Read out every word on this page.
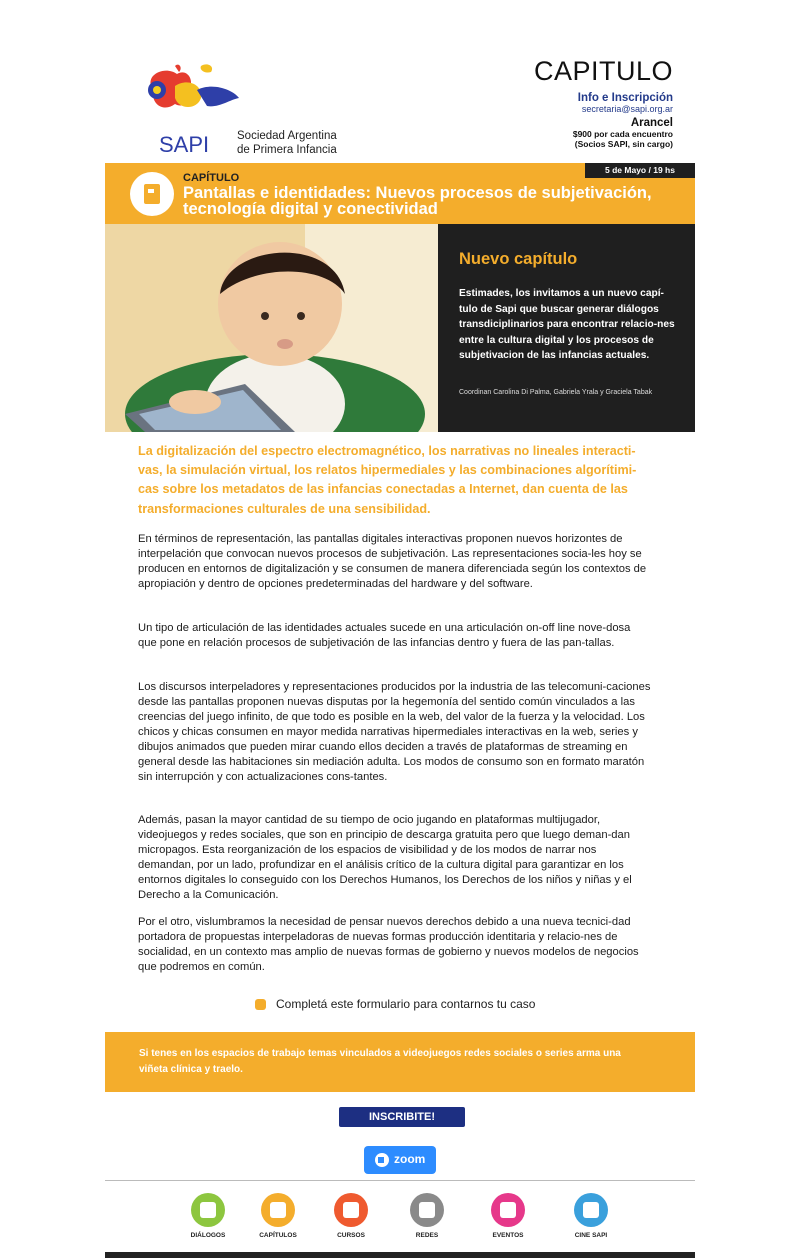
SAPI Sociedad Argentina
de Primera Infancia
CAPITULO
Info e Inscripción
secretaria@sapi.org.ar
Arancel
$900 por cada encuentro
(Socios SAPI, sin cargo)
5 de Mayo / 19 hs
CAPÍTULO
Pantallas e identidades: Nuevos procesos de subjetivación, tecnología digital y conectividad
Nuevo capítulo
Estimades, los invitamos a un nuevo capí-tulo de Sapi que buscar generar diálogos transdiciplinarios para encontrar relacio-nes entre la cultura digital y los procesos de subjetivacion de las infancias actuales.
Coordinan Carolina Di Palma, Gabriela Yrala y Graciela Tabak
La digitalización del espectro electromagnético, los narrativas no lineales interacti-vas, la simulación virtual, los relatos hipermediales y las combinaciones algorítimi-cas sobre los metadatos de las infancias conectadas a Internet, dan cuenta de las transformaciones culturales de una sensibilidad.
En términos de representación, las pantallas digitales interactivas proponen nuevos horizontes de interpelación que convocan nuevos procesos de subjetivación. Las representaciones socia-les hoy se producen en entornos de digitalización y se consumen de manera diferenciada según los contextos de apropiación y dentro de opciones predeterminadas del hardware y del software.
Un tipo de articulación de las identidades actuales sucede en una articulación on-off line nove-dosa que pone en relación procesos de subjetivación de las infancias dentro y fuera de las pan-tallas.
Los discursos interpeladores y representaciones producidos por la industria de las telecomuni-caciones desde las pantallas proponen nuevas disputas por la hegemonía del sentido común vinculados a las creencias del juego infinito, de que todo es posible en la web, del valor de la fuerza y la velocidad. Los chicos y chicas consumen en mayor medida narrativas hipermediales interactivas en la web, series y dibujos animados que pueden mirar cuando ellos deciden a través de plataformas de streaming en general desde las habitaciones sin mediación adulta. Los modos de consumo son en formato maratón sin interrupción y con actualizaciones cons-tantes.
Además, pasan la mayor cantidad de su tiempo de ocio jugando en plataformas multijugador, videojuegos y redes sociales, que son en principio de descarga gratuita pero que luego deman-dan micropagos. Esta reorganización de los espacios de visibilidad y de los modos de narrar nos demandan, por un lado, profundizar en el análisis crítico de la cultura digital para garantizar en los entornos digitales lo conseguido con los Derechos Humanos, los Derechos de los niños y niñas y el Derecho a la Comunicación.
Por el otro, vislumbramos la necesidad de pensar nuevos derechos debido a una nueva tecnici-dad portadora de propuestas interpeladoras de nuevas formas producción identitaria y relacio-nes de socialidad, en un contexto mas amplio de nuevas formas de gobierno y nuevos modelos de negocios que podremos en común.
Completá este formulario para contarnos tu caso
Si tenes en los espacios de trabajo temas vinculados a videojuegos redes sociales o series arma una viñeta clínica y traelo.
INSCRIBITE!
zoom
DIÁLOGOS	CAPÍTULOS	CURSOS	REDES	EVENTOS	CINE SAPI
